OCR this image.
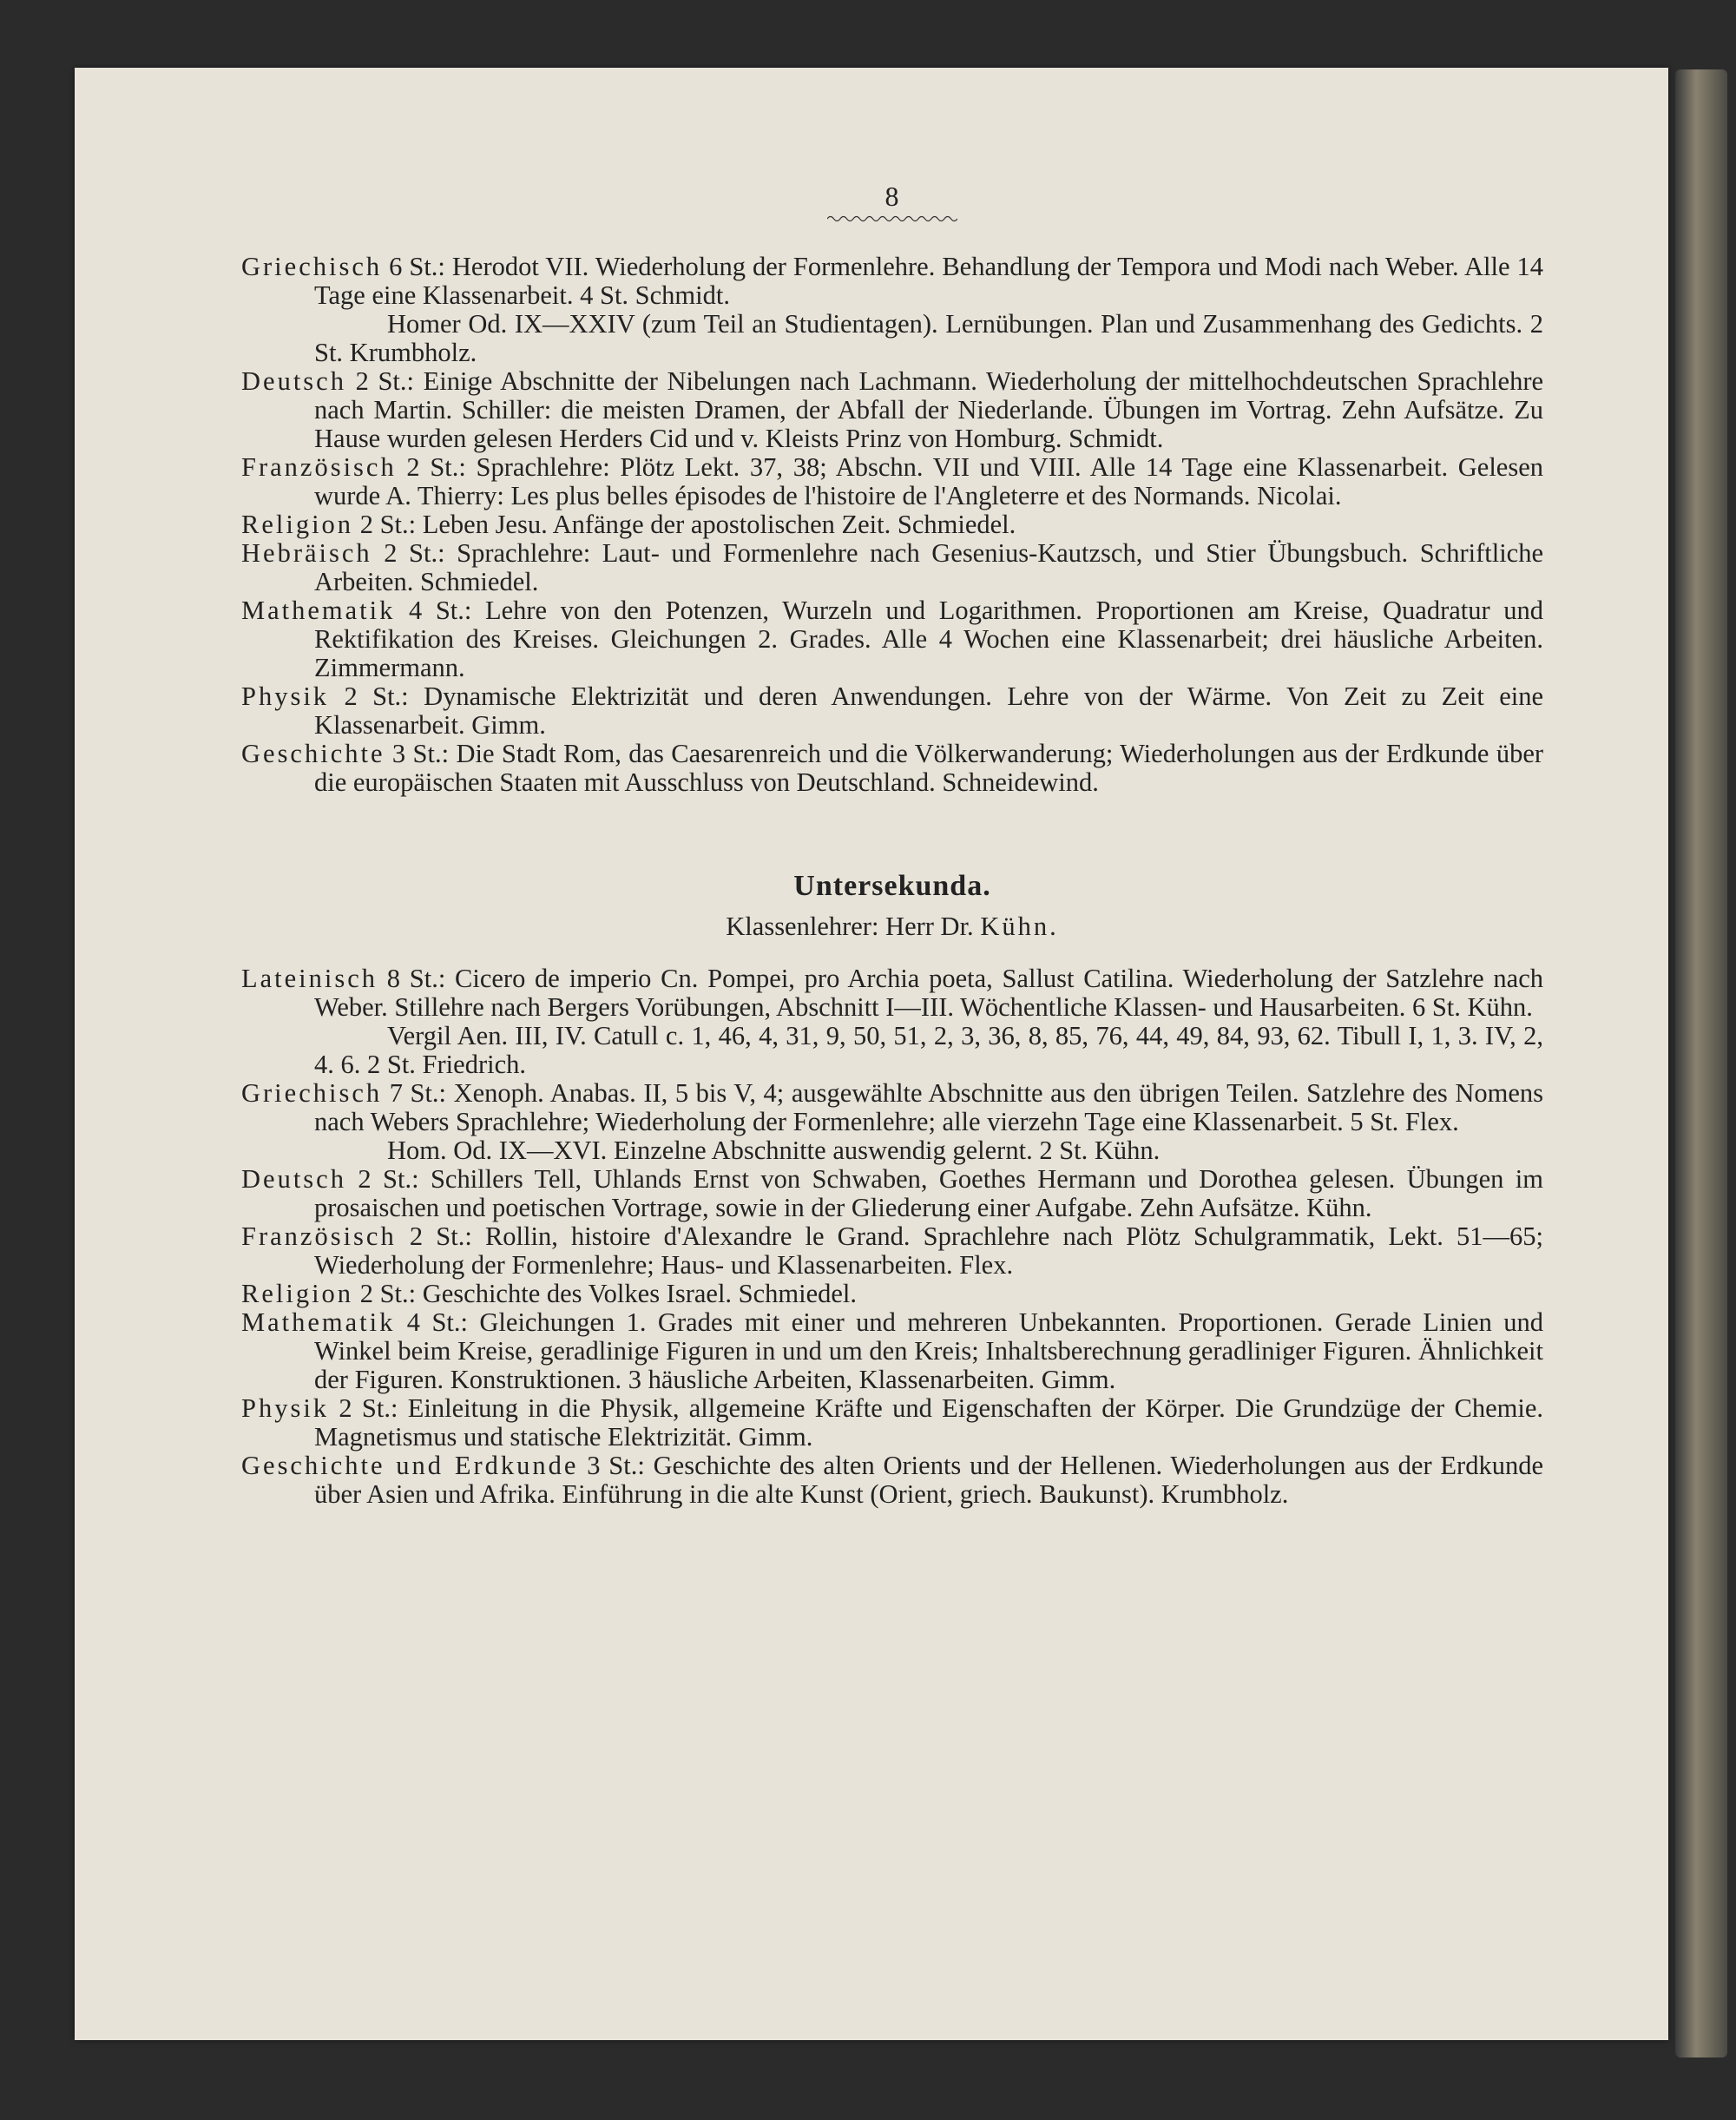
8

Griechisch 6 St.: Herodot VII. Wiederholung der Formenlehre. Behandlung der Tempora und Modi nach Weber. Alle 14 Tage eine Klassenarbeit. 4 St. Schmidt.

Homer Od. IX—XXIV (zum Teil an Studientagen). Lernübungen. Plan und Zusammenhang des Gedichts. 2 St. Krumbholz.

Deutsch 2 St.: Einige Abschnitte der Nibelungen nach Lachmann. Wiederholung der mittelhochdeutschen Sprachlehre nach Martin. Schiller: die meisten Dramen, der Abfall der Niederlande. Übungen im Vortrag. Zehn Aufsätze. Zu Hause wurden gelesen Herders Cid und v. Kleists Prinz von Homburg. Schmidt.

Französisch 2 St.: Sprachlehre: Plötz Lekt. 37, 38; Abschn. VII und VIII. Alle 14 Tage eine Klassenarbeit. Gelesen wurde A. Thierry: Les plus belles épisodes de l'histoire de l'Angleterre et des Normands. Nicolai.

Religion 2 St.: Leben Jesu. Anfänge der apostolischen Zeit. Schmiedel.

Hebräisch 2 St.: Sprachlehre: Laut- und Formenlehre nach Gesenius-Kautzsch, und Stier Übungsbuch. Schriftliche Arbeiten. Schmiedel.

Mathematik 4 St.: Lehre von den Potenzen, Wurzeln und Logarithmen. Proportionen am Kreise, Quadratur und Rektifikation des Kreises. Gleichungen 2. Grades. Alle 4 Wochen eine Klassenarbeit; drei häusliche Arbeiten. Zimmermann.

Physik 2 St.: Dynamische Elektrizität und deren Anwendungen. Lehre von der Wärme. Von Zeit zu Zeit eine Klassenarbeit. Gimm.

Geschichte 3 St.: Die Stadt Rom, das Caesarenreich und die Völkerwanderung; Wiederholungen aus der Erdkunde über die europäischen Staaten mit Ausschluss von Deutschland. Schneidewind.

Untersekunda.
Klassenlehrer: Herr Dr. Kühn.

Lateinisch 8 St.: Cicero de imperio Cn. Pompei, pro Archia poeta, Sallust Catilina. Wiederholung der Satzlehre nach Weber. Stillehre nach Bergers Vorübungen, Abschnitt I—III. Wöchentliche Klassen- und Hausarbeiten. 6 St. Kühn.

Vergil Aen. III, IV. Catull c. 1, 46, 4, 31, 9, 50, 51, 2, 3, 36, 8, 85, 76, 44, 49, 84, 93, 62. Tibull I, 1, 3. IV, 2, 4. 6. 2 St. Friedrich.

Griechisch 7 St.: Xenoph. Anabas. II, 5 bis V, 4; ausgewählte Abschnitte aus den übrigen Teilen. Satzlehre des Nomens nach Webers Sprachlehre; Wiederholung der Formenlehre; alle vierzehn Tage eine Klassenarbeit. 5 St. Flex.

Hom. Od. IX—XVI. Einzelne Abschnitte auswendig gelernt. 2 St. Kühn.

Deutsch 2 St.: Schillers Tell, Uhlands Ernst von Schwaben, Goethes Hermann und Dorothea gelesen. Übungen im prosaischen und poetischen Vortrage, sowie in der Gliederung einer Aufgabe. Zehn Aufsätze. Kühn.

Französisch 2 St.: Rollin, histoire d'Alexandre le Grand. Sprachlehre nach Plötz Schulgrammatik, Lekt. 51—65; Wiederholung der Formenlehre; Haus- und Klassenarbeiten. Flex.

Religion 2 St.: Geschichte des Volkes Israel. Schmiedel.

Mathematik 4 St.: Gleichungen 1. Grades mit einer und mehreren Unbekannten. Proportionen. Gerade Linien und Winkel beim Kreise, geradlinige Figuren in und um den Kreis; Inhaltsberechnung geradliniger Figuren. Ähnlichkeit der Figuren. Konstruktionen. 3 häusliche Arbeiten, Klassenarbeiten. Gimm.

Physik 2 St.: Einleitung in die Physik, allgemeine Kräfte und Eigenschaften der Körper. Die Grundzüge der Chemie. Magnetismus und statische Elektrizität. Gimm.

Geschichte und Erdkunde 3 St.: Geschichte des alten Orients und der Hellenen. Wiederholungen aus der Erdkunde über Asien und Afrika. Einführung in die alte Kunst (Orient, griech. Baukunst). Krumbholz.
